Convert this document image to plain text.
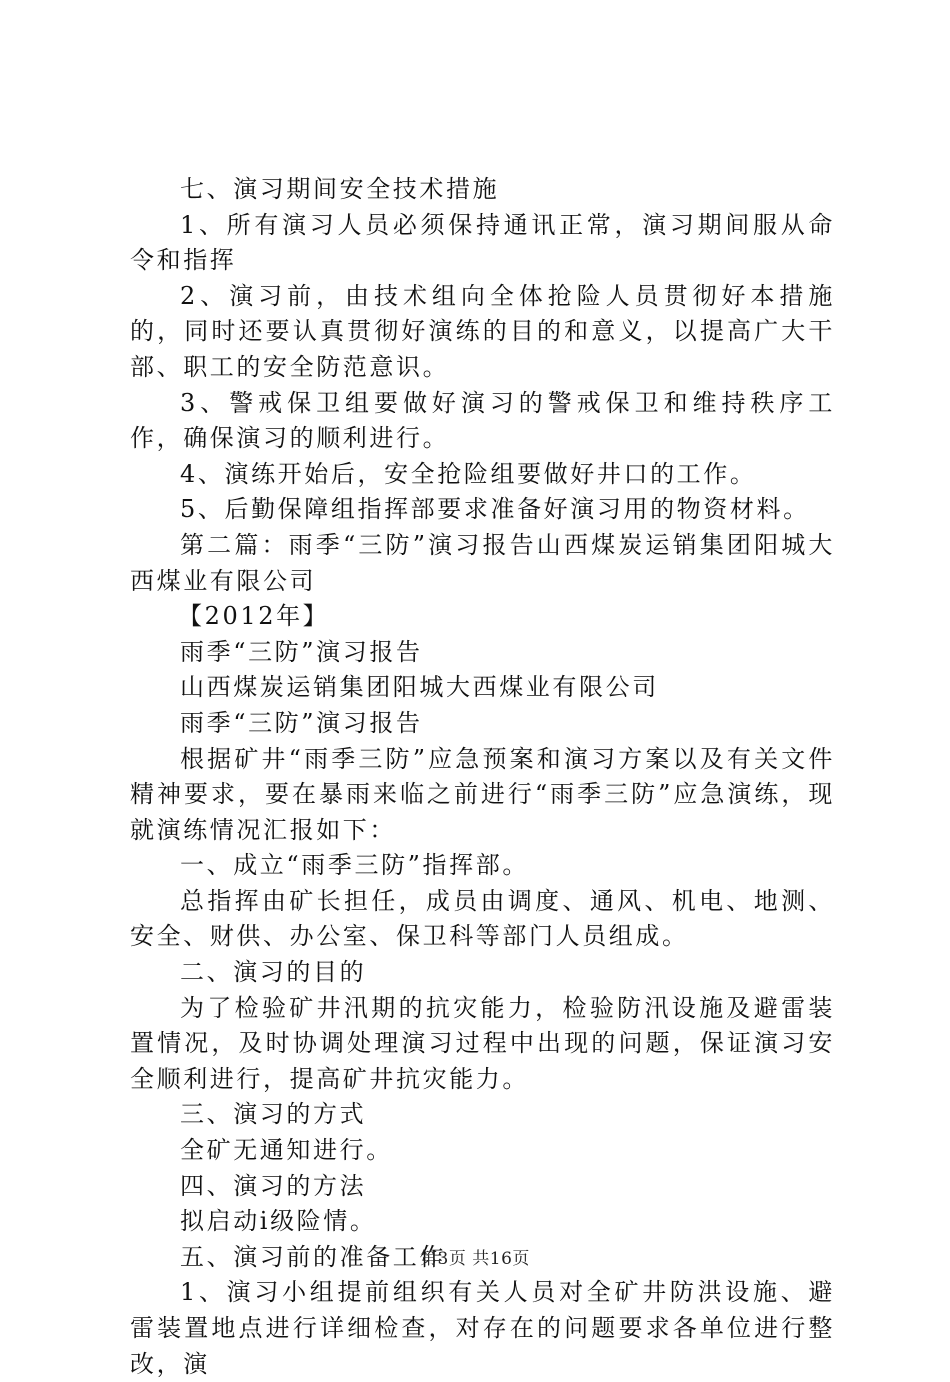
七、演习期间安全技术措施

1、所有演习人员必须保持通讯正常，演习期间服从命令和指挥

2、演习前，由技术组向全体抢险人员贯彻好本措施的，同时还要认真贯彻好演练的目的和意义，以提高广大干部、职工的安全防范意识。

3、警戒保卫组要做好演习的警戒保卫和维持秩序工作，确保演习的顺利进行。

4、演练开始后，安全抢险组要做好井口的工作。

5、后勤保障组指挥部要求准备好演习用的物资材料。

第二篇：雨季“三防”演习报告山西煤炭运销集团阳城大西煤业有限公司

【2012年】

雨季“三防”演习报告

山西煤炭运销集团阳城大西煤业有限公司

雨季“三防”演习报告

根据矿井“雨季三防”应急预案和演习方案以及有关文件精神要求，要在暴雨来临之前进行“雨季三防”应急演练，现就演练情况汇报如下：

一、成立“雨季三防”指挥部。

总指挥由矿长担任，成员由调度、通风、机电、地测、安全、财供、办公室、保卫科等部门人员组成。

二、演习的目的

为了检验矿井汛期的抗灾能力，检验防汛设施及避雷装置情况，及时协调处理演习过程中出现的问题，保证演习安全顺利进行，提高矿井抗灾能力。

三、演习的方式

全矿无通知进行。

四、演习的方法

拟启动ⅰ级险情。

五、演习前的准备工作

1、演习小组提前组织有关人员对全矿井防洪设施、避雷装置地点进行详细检查，对存在的问题要求各单位进行整改，演

第3页 共16页
